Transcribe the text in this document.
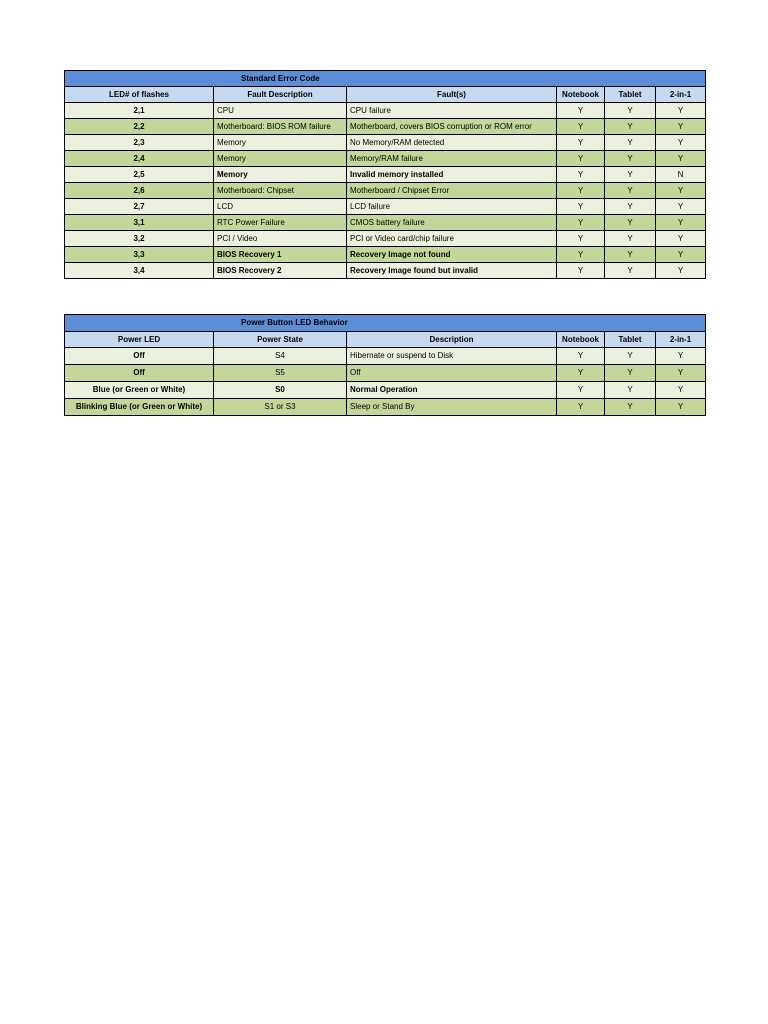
Standard Error Code					
LED# of flashes	Fault Description	Fault(s)	Notebook	Tablet	2-in-1
2,1	CPU	CPU failure	Y	Y	Y
2,2	Motherboard: BIOS ROM failure	Motherboard, covers BIOS corruption or ROM error	Y	Y	Y
2,3	Memory	No Memory/RAM detected	Y	Y	Y
2,4	Memory	Memory/RAM failure	Y	Y	Y
2,5	Memory	Invalid memory installed	Y	Y	N
2,6	Motherboard: Chipset	Motherboard / Chipset Error	Y	Y	Y
2,7	LCD	LCD failure	Y	Y	Y
3,1	RTC Power Failure	CMOS battery failure	Y	Y	Y
3,2	PCI / Video	PCI or Video card/chip failure	Y	Y	Y
3,3	BIOS Recovery 1	Recovery Image not found	Y	Y	Y
3,4	BIOS Recovery 2	Recovery Image found but invalid	Y	Y	Y
Power Button LED Behavior					
Power LED	Power State	Description	Notebook	Tablet	2-in-1
Off	S4	Hibernate or suspend to Disk	Y	Y	Y
Off	S5	Off	Y	Y	Y
Blue (or Green or White)	S0	Normal Operation	Y	Y	Y
Blinking Blue (or Green or White)	S1 or S3	Sleep or Stand By	Y	Y	Y
